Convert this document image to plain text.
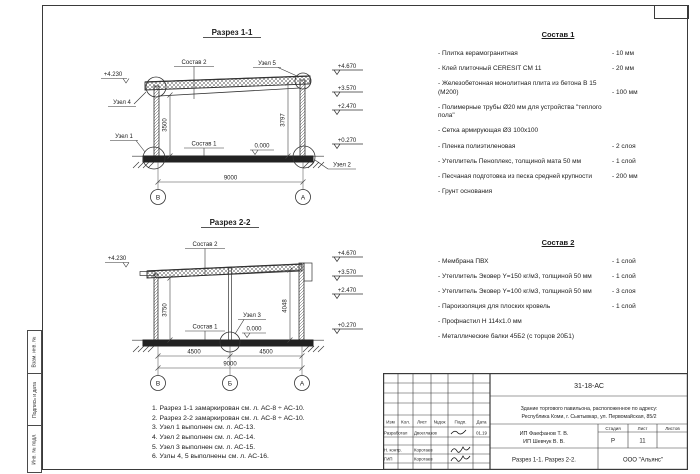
Взам. инв. №
Подпись и дата
Инв. № подл.
Разрез 1-1
3500	3797
9000
В	А
Состав 2	Узел 5
+4.230
Узел 4
Узел 1
Состав 1	0.000
Узел 2
+4.670
+3.570
+2.470
+0.270
Разрез 2-2
3750	4048
4500	4500
9000
В	Б	А
Состав 2
+4.230
Узел 3
Состав 1	0.000
+4.670
+3.570
+2.470
+0.270
Состав 1
- Плитка керамогранитная	- 10 мм
- Клей плиточный CERESIT CM 11	- 20 мм
- Железобетонная монолитная плита из бетона В 15 (М200)	- 100 мм
- Полимерные трубы Ø20 мм для устройства "теплого пола"
- Сетка армирующая Ø3 100х100
- Пленка полиэтиленовая	- 2 слоя
- Утеплитель Пеноплекс, толщиной мата 50 мм	- 1 слой
- Песчаная подготовка из песка средней крупности	- 200 мм
- Грунт основания
Состав 2
- Мембрана ПВХ	- 1 слой
- Утеплитель Эковер Y=150 кг/м3, толщиной 50 мм	- 1 слой
- Утеплитель Эковер Y=100 кг/м3, толщиной 50 мм	- 3 слоя
- Пароизоляция для плоских кровель	- 1 слой
- Профнастил Н 114х1.0 мм
- Металлические балки 45Б2 (с торцов 20Б1)
1. Разрез 1-1 замаркирован см. л. АС-8 ÷ АС-10.
2. Разрез 2-2 замаркирован см. л. АС-8 ÷ АС-10.
3. Узел 1 выполнен см. л. АС-13.
4. Узел 2 выполнен см. л. АС-14.
5. Узел 3 выполнен см. л. АС-15.
6. Узлы 4, 5 выполнены см. л. АС-16.
Изм Кол. Лист №док Подп. Дата
Разработал Двоеглазов	01.19
Н. контр.	Коротаев
ГИП	Коротаев
31-18-АС
Здание торгового павильона, расположенное по адресу:
Республика Коми, г. Сыктывкар, ул. Первомайская, 85/2
ИП Фаефанов Т. В.
ИП Шевчук В. В.
Стадия	Лист	Листов
Р	11
Разрез 1-1. Разрез 2-2.	ООО "Альянс"
